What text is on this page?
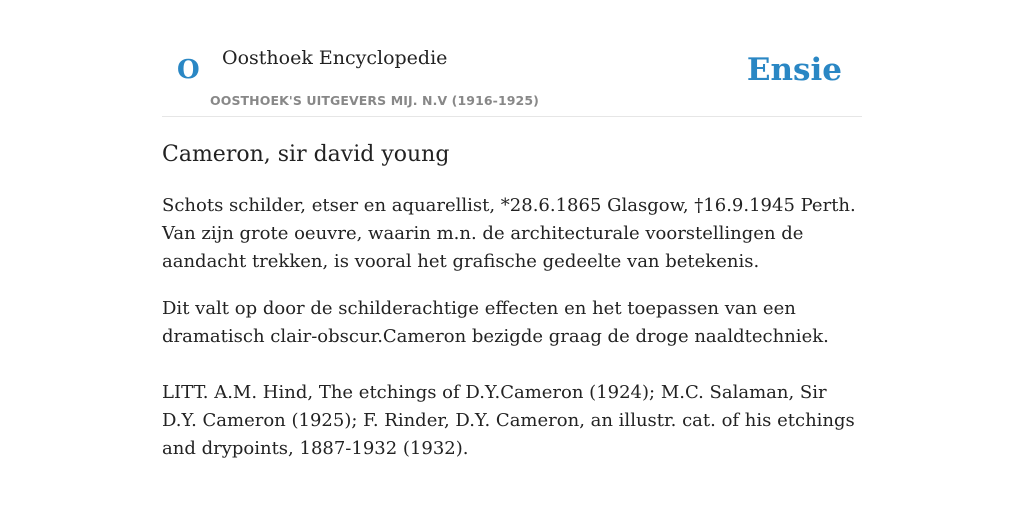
O Oosthoek Encyclopedie
OOSTHOEK'S UITGEVERS MIJ. N.V (1916-1925)
Ensie
Cameron, sir david young

Schots schilder, etser en aquarellist, *28.6.1865 Glasgow, †16.9.1945 Perth. Van zijn grote oeuvre, waarin m.n. de architecturale voorstellingen de aandacht trekken, is vooral het grafische gedeelte van betekenis.

Dit valt op door de schilderachtige effecten en het toepassen van een dramatisch clair-obscur.Cameron bezigde graag de droge naaldtechniek.

LITT. A.M. Hind, The etchings of D.Y.Cameron (1924); M.C. Salaman, Sir D.Y. Cameron (1925); F. Rinder, D.Y. Cameron, an illustr. cat. of his etchings and drypoints, 1887-1932 (1932).
